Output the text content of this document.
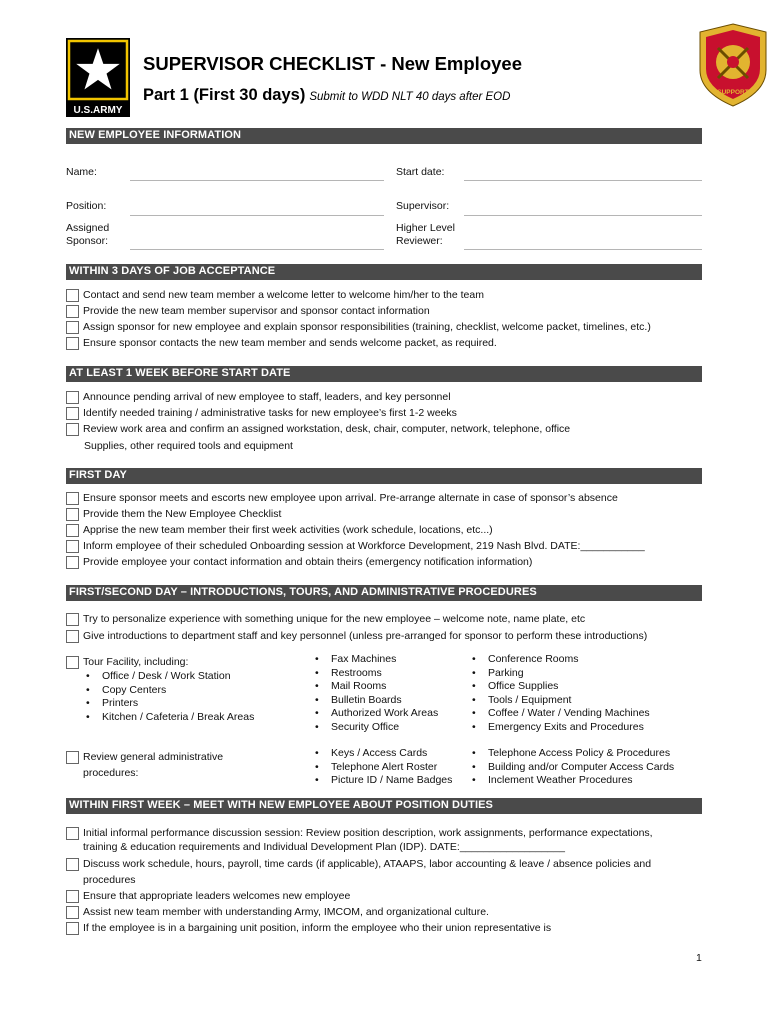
U.S.ARMY
SUPPORT
SUPERVISOR CHECKLIST - New Employee
Part 1 (First 30 days) Submit to WDD NLT 40 days after EOD
NEW EMPLOYEE INFORMATION
Name:	Start date:
Position:	Supervisor:
Assigned
Sponsor:
Higher Level
Reviewer:
WITHIN 3 DAYS OF JOB ACCEPTANCE
Contact and send new team member a welcome letter to welcome him/her to the team
Provide the new team member supervisor and sponsor contact information
Assign sponsor for new employee and explain sponsor responsibilities (training, checklist, welcome packet, timelines, etc.)
Ensure sponsor contacts the new team member and sends welcome packet, as required.
AT LEAST 1 WEEK BEFORE START DATE
Announce pending arrival of new employee to staff, leaders, and key personnel
Identify needed training / administrative tasks for new employee’s first 1-2 weeks
Review work area and confirm an assigned workstation, desk, chair, computer, network, telephone, office
Supplies, other required tools and equipment
FIRST DAY
Ensure sponsor meets and escorts new employee upon arrival. Pre-arrange alternate in case of sponsor’s absence
Provide them the New Employee Checklist
Apprise the new team member their first week activities (work schedule, locations, etc...)
Inform employee of their scheduled Onboarding session at Workforce Development, 219 Nash Blvd. DATE:___________
Provide employee your contact information and obtain theirs (emergency notification information)
FIRST/SECOND DAY – INTRODUCTIONS, TOURS, AND ADMINISTRATIVE PROCEDURES
Try to personalize experience with something unique for the new employee – welcome note, name plate, etc
Give introductions to department staff and key personnel (unless pre-arranged for sponsor to perform these introductions)
Tour Facility, including:
• Office / Desk / Work Station
• Copy Centers
• Printers
• Kitchen / Cafeteria / Break Areas
• Fax Machines
• Restrooms
• Mail Rooms
• Bulletin Boards
• Authorized Work Areas
• Security Office
• Conference Rooms
• Parking
• Office Supplies
• Tools / Equipment
• Coffee / Water / Vending Machines
• Emergency Exits and Procedures
Review general administrative
procedures:
• Keys / Access Cards
• Telephone Alert Roster
• Picture ID / Name Badges
• Telephone Access Policy & Procedures
• Building and/or Computer Access Cards
• Inclement Weather Procedures
WITHIN FIRST WEEK – MEET WITH NEW EMPLOYEE ABOUT POSITION DUTIES
Initial informal performance discussion session: Review position description, work assignments, performance expectations,
training & education requirements and Individual Development Plan (IDP). DATE:__________________
Discuss work schedule, hours, payroll, time cards (if applicable), ATAAPS, labor accounting & leave / absence policies and
procedures
Ensure that appropriate leaders welcomes new employee
Assist new team member with understanding Army, IMCOM, and organizational culture.
If the employee is in a bargaining unit position, inform the employee who their union representative is
1
